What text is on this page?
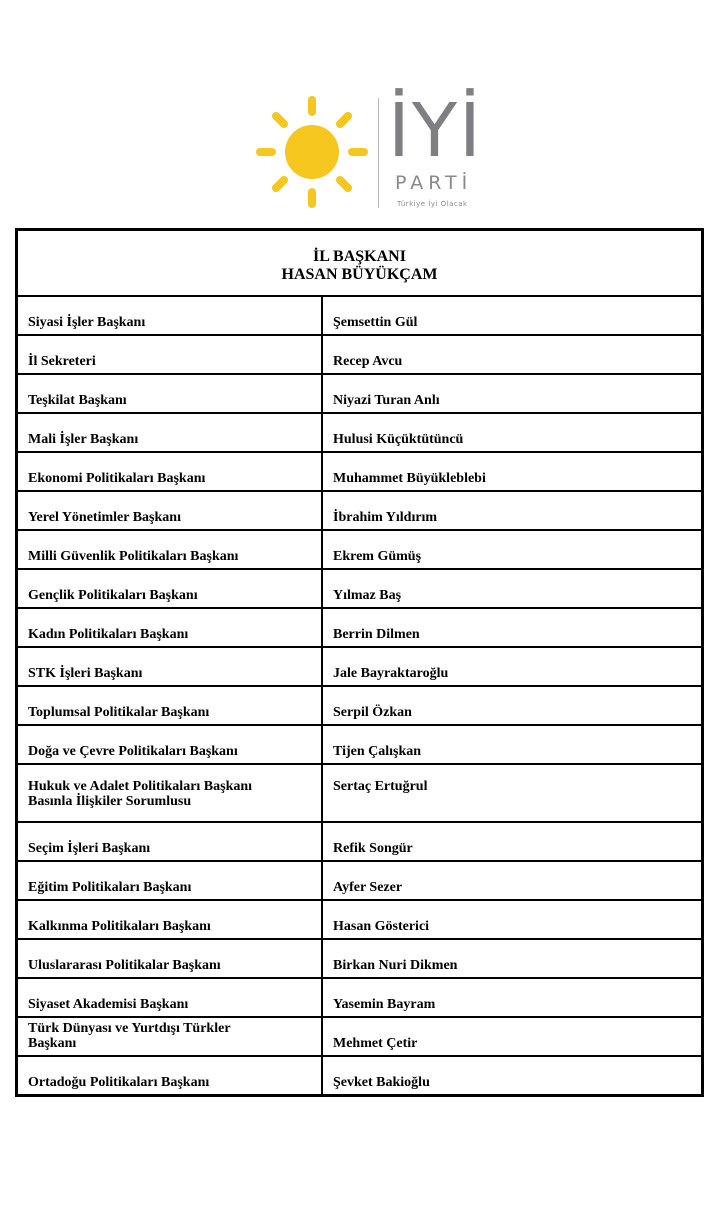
İYİ
PARTİ
Türkiye İyi Olacak
İL BAŞKANI
HASAN BÜYÜKÇAM	

Siyasi İşler Başkanı	Şemsettin Gül

İl Sekreteri	Recep Avcu

Teşkilat Başkanı	Niyazi Turan Anlı

Mali İşler Başkanı	Hulusi Küçüktütüncü

Ekonomi Politikaları Başkanı	Muhammet Büyükleblebi

Yerel Yönetimler Başkanı	İbrahim Yıldırım

Milli Güvenlik Politikaları Başkanı	Ekrem Gümüş

Gençlik Politikaları Başkanı	Yılmaz Baş

Kadın Politikaları Başkanı	Berrin Dilmen

STK İşleri Başkanı	Jale Bayraktaroğlu

Toplumsal Politikalar Başkanı	Serpil Özkan

Doğa ve Çevre Politikaları Başkanı	Tijen Çalışkan

Hukuk ve Adalet Politikaları Başkanı
Basınla İlişkiler Sorumlusu	Sertaç Ertuğrul

Seçim İşleri Başkanı	Refik Songür

Eğitim Politikaları Başkanı	Ayfer Sezer

Kalkınma Politikaları Başkanı	Hasan Gösterici

Uluslararası Politikalar Başkanı	Birkan Nuri Dikmen

Siyaset Akademisi Başkanı	Yasemin Bayram

Türk Dünyası ve Yurtdışı Türkler
Başkanı	Mehmet Çetir

Ortadoğu Politikaları Başkanı	Şevket Bakioğlu
